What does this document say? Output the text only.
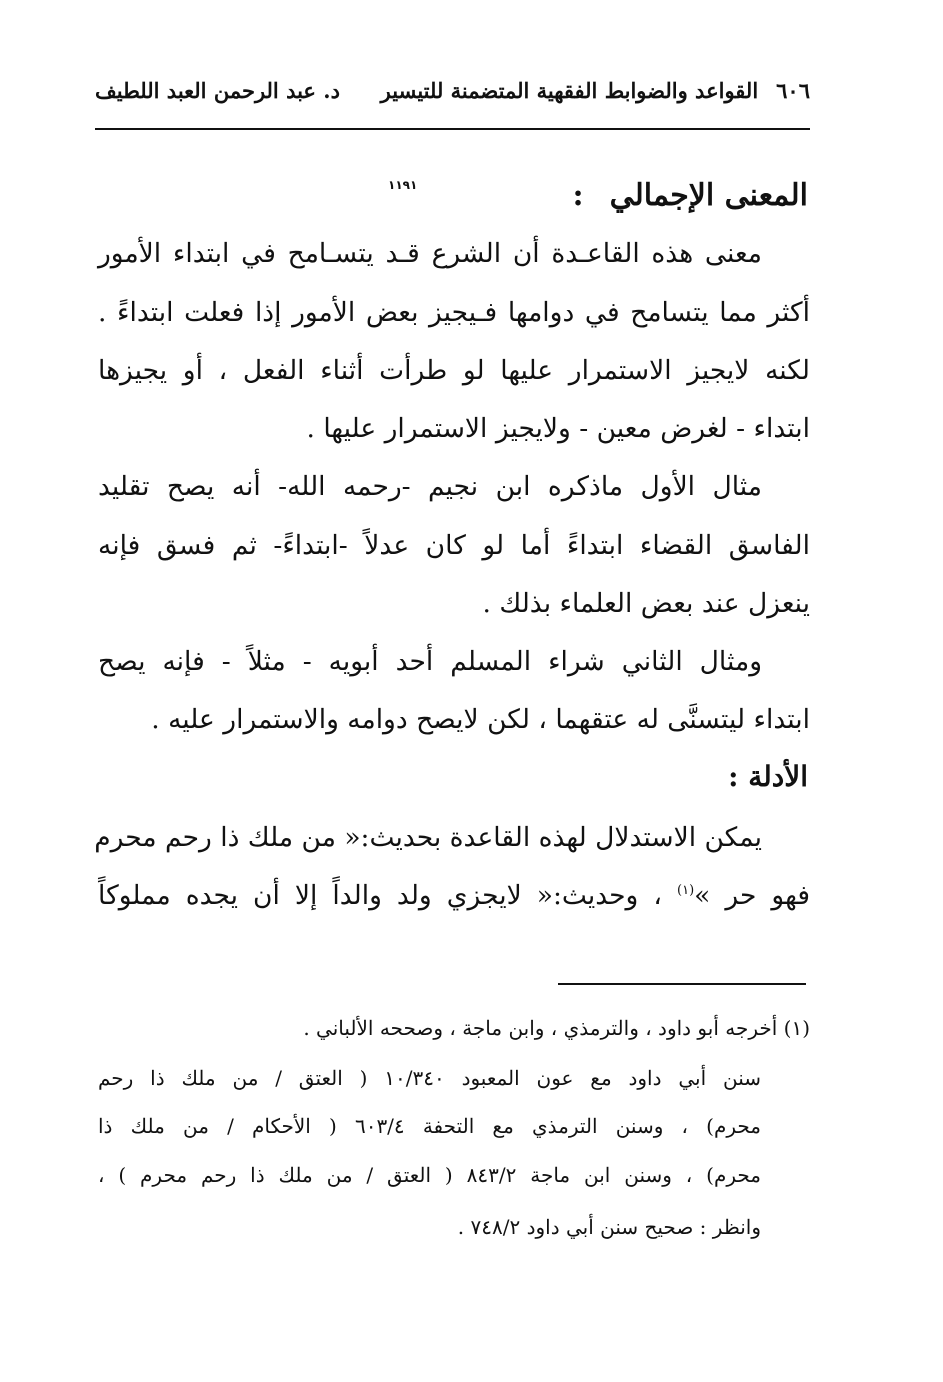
٦٠٦
القواعد والضوابط الفقهية المتضمنة للتيسير
د. عبد الرحمن العبد اللطيف
المعنى الإجمالي:
١١٩١
معنى هذه القاعـدة أن الشرع قـد يتسـامح في ابتداء الأمور
أكثر مما يتسامح في دوامها فـيجيز بعض الأمور إذا فعلت ابتداءً .
لكنه لايجيز الاستمرار عليها لو طرأت أثناء الفعل ، أو يجيزها
ابتداء - لغرض معين - ولايجيز الاستمرار عليها .
مثال الأول ماذكره ابن نجيم -رحمه الله- أنه يصح تقليد
الفاسق القضاء ابتداءً أما لو كان عدلاً -ابتداءً- ثم فسق فإنه
ينعزل عند بعض العلماء بذلك .
ومثال الثاني شراء المسلم أحد أبويه - مثلاً - فإنه يصح
ابتداء ليتسنَّى له عتقهما ، لكن لايصح دوامه والاستمرار عليه .
الأدلة :
يمكن الاستدلال لهذه القاعدة بحديث:« من ملك ذا رحم محرم
فهو حر »$^{(١)}$ ، وحديث:« لايجزي ولد والداً إلا أن يجده مملوكاً
(١) أخرجه أبو داود ، والترمذي ، وابن ماجة ، وصححه الألباني .
سنن أبي داود مع عون المعبود ١٠/٣٤٠ ( العتق / من ملك ذا رحم
محرم) ، وسنن الترمذي مع التحفة ٦٠٣/٤ ( الأحكام / من ملك ذا
محرم) ، وسنن ابن ماجة ٨٤٣/٢ ( العتق / من ملك ذا رحم محرم ) ،
وانظر : صحيح سنن أبي داود ٧٤٨/٢ .
